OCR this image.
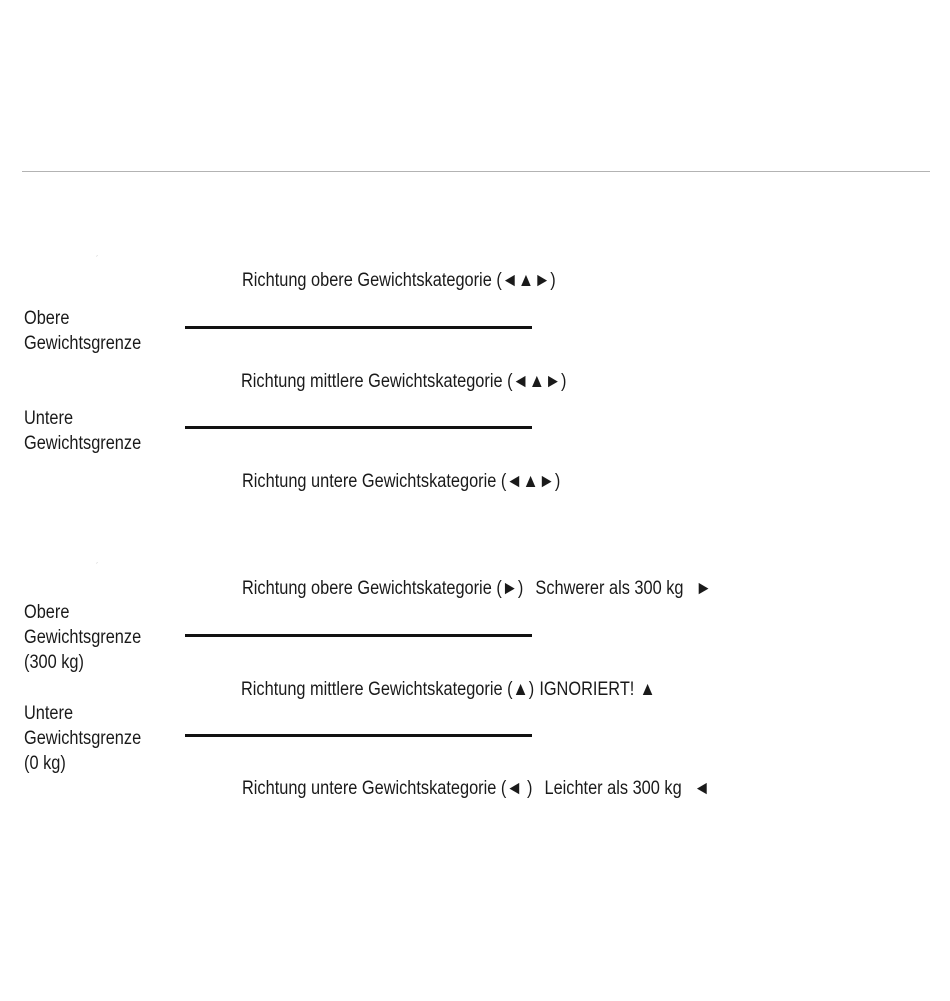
´
Richtung obere Gewichtskategorie (◄▲►)
Obere
Gewichtsgrenze
Richtung mittlere Gewichtskategorie (◄▲►)
Untere
Gewichtsgrenze
Richtung untere Gewichtskategorie (◄▲►)
´
Richtung obere Gewichtskategorie (►) Schwerer als 300 kg ►
Obere
Gewichtsgrenze
(300 kg)
Richtung mittlere Gewichtskategorie (▲) IGNORIERT! ▲
Untere
Gewichtsgrenze
(0 kg)
Richtung untere Gewichtskategorie (◄ ) Leichter als 300 kg ◄
